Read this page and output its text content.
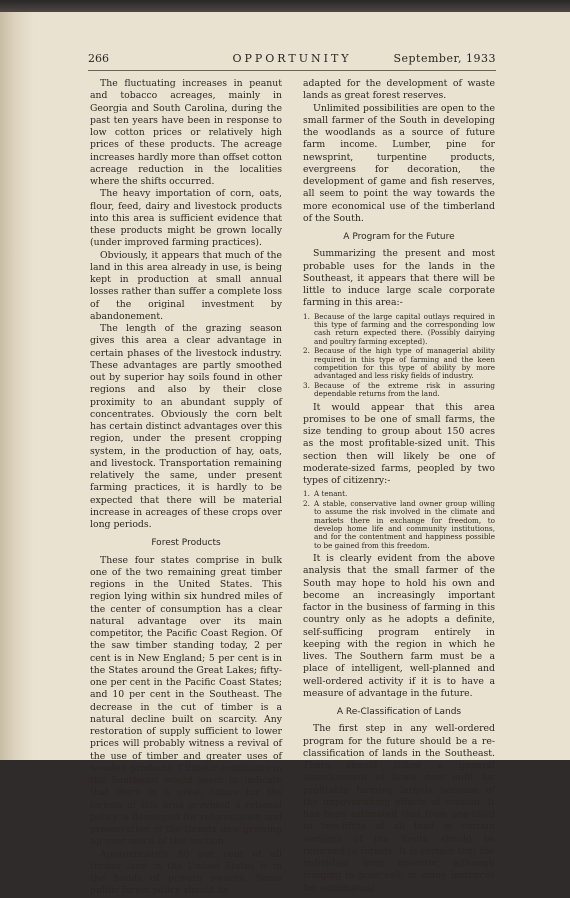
OPPORTUNITY
266	September, 1933

The fluctuating increases in peanut and tobacco acreages, mainly in Georgia and South Carolina, during the past ten years have been in response to low cotton prices or relatively high prices of these products. The acreage increases hardly more than offset cotton acreage reduction in the localities where the shifts occurred.

The heavy importation of corn, oats, flour, feed, dairy and livestock products into this area is sufficient evidence that these products might be grown locally (under improved farming practices).

Obviously, it appears that much of the land in this area already in use, is being kept in production at small annual losses rather than suffer a complete loss of the original investment by abandonement.

The length of the grazing season gives this area a clear advantage in certain phases of the livestock industry. These advantages are partly smoothed out by superior hay soils found in other regions and also by their close proximity to an abundant supply of concentrates. Obviously the corn belt has certain distinct advantages over this region, under the present cropping system, in the production of hay, oats, and livestock. Transportation remaining relatively the same, under present farming practices, it is hardly to be expected that there will be material increase in acreages of these crops over long periods.

Forest Products

These four states comprise in bulk one of the two remaining great timber regions in the United States. This region lying within six hundred miles of the center of consumption has a clear natural advantage over its main competitor, the Pacific Coast Region. Of the saw timber standing today, 2 per cent is in New England; 5 per cent is in the States around the Great Lakes; fifty-one per cent in the Pacific Coast States; and 10 per cent in the Southeast. The decrease in the cut of timber is a natural decline built on scarcity. Any restoration of supply sufficient to lower prices will probably witness a revival of the use of timber and greater uses of wooden products. Climatic conditions in the Southeast would seem to indicate that there is a great future for the forests of this area provided a rational policy is developed for reforestation and preservation of the forests now growing up over much of this section.

Approximately 80 per cent of all timber land in the United States is in the hands of private owners. Some public forest policy should be

adapted for the development of waste lands as great forest reserves.

Unlimited possibilities are open to the small farmer of the South in developing the woodlands as a source of future farm income. Lumber, pine for newsprint, turpentine products, evergreens for decoration, the development of game and fish reserves, all seem to point the way towards the more economical use of the timberland of the South.

A Program for the Future

Summarizing the present and most probable uses for the lands in the Southeast, it appears that there will be little to induce large scale corporate farming in this area:-

1. Because of the large capital outlays required in this type of farming and the corresponding low cash return expected there. (Possibly dairying and poultry farming excepted).
2. Because of the high type of managerial ability required in this type of farming and the keen competition for this type of ability by more advantaged and less risky fields of industry.
3. Because of the extreme risk in assuring dependable returns from the land.

It would appear that this area promises to be one of small farms, the size tending to group about 150 acres as the most profitable-sized unit. This section then will likely be one of moderate-sized farms, peopled by two types of citizenry:-

1. A tenant.
2. A stable, conservative land owner group willing to assume the risk involved in the climate and markets there in exchange for freedom, to develop home life and community institutions, and for the contentment and happiness possible to be gained from this freedom.

It is clearly evident from the above analysis that the small farmer of the South may hope to hold his own and become an increasingly important factor in the business of farming in this country only as he adopts a definite, self-sufficing program entirely in keeping with the region in which he lives. The Southern farm must be a place of intelligent, well-planned and well-ordered activity if it is to have a measure of advantage in the future.

A Re-Classification of Lands

The first step in any well-ordered program for the future should be a re-classification of lands in the Southeast. There should follow a general abandonment of lands now unfit for profitable farming largely because of the impoverishing effects of erosion. It has been estimated that from one-third to two-fifths of all land in certain sections of the South should be returned to forests. It is certain that the individual farm operator, although clinging to poor soil, in many instances for sentimental
